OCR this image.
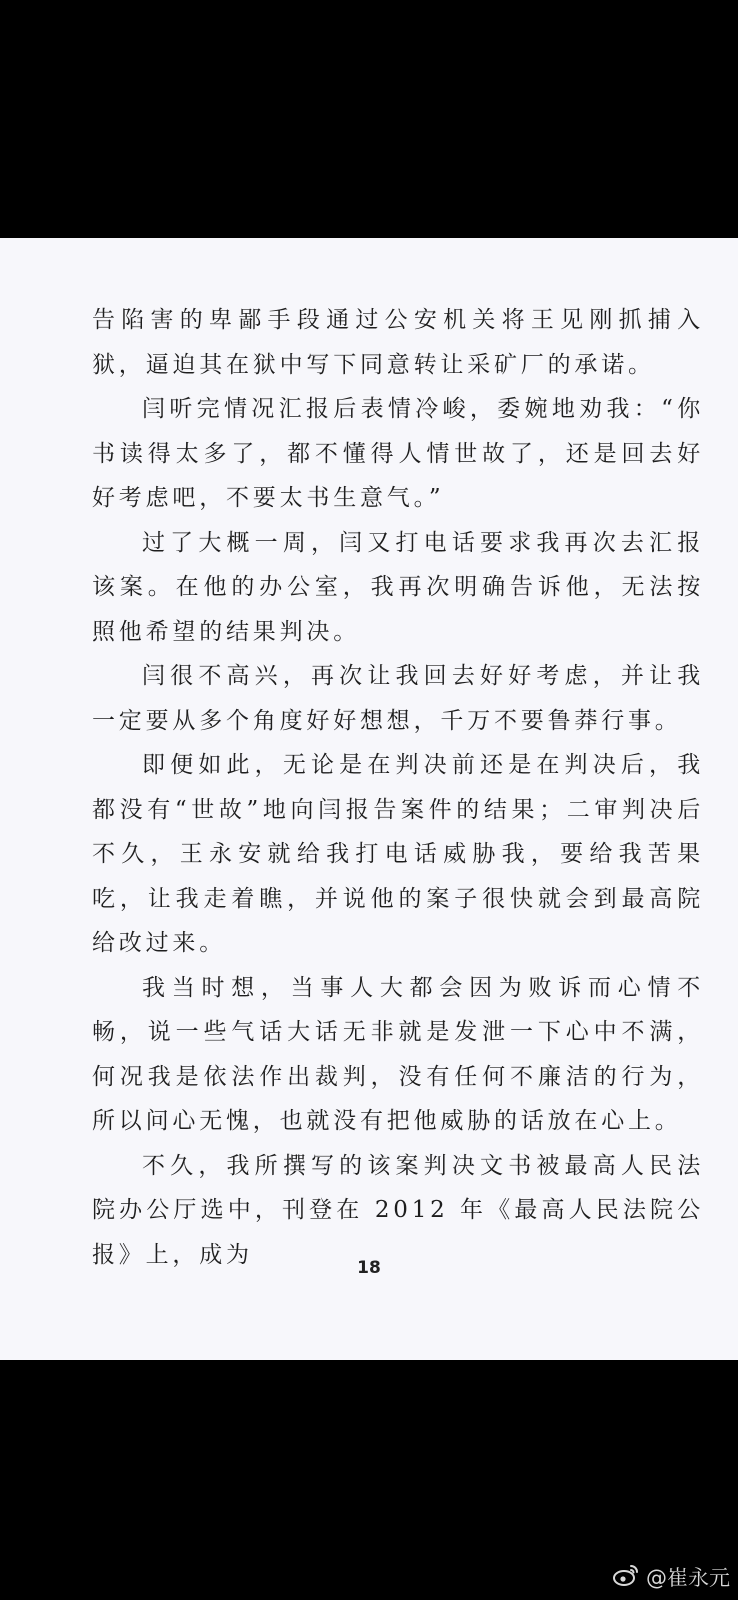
告陷害的卑鄙手段通过公安机关将王见刚抓捕入狱，逼迫其在狱中写下同意转让采矿厂的承诺。

闫听完情况汇报后表情冷峻，委婉地劝我：“你书读得太多了，都不懂得人情世故了，还是回去好好考虑吧，不要太书生意气。”

过了大概一周，闫又打电话要求我再次去汇报该案。在他的办公室，我再次明确告诉他，无法按照他希望的结果判决。

闫很不高兴，再次让我回去好好考虑，并让我一定要从多个角度好好想想，千万不要鲁莽行事。

即便如此，无论是在判决前还是在判决后，我都没有“世故”地向闫报告案件的结果；二审判决后不久，王永安就给我打电话威胁我，要给我苦果吃，让我走着瞧，并说他的案子很快就会到最高院给改过来。

我当时想，当事人大都会因为败诉而心情不畅，说一些气话大话无非就是发泄一下心中不满，何况我是依法作出裁判，没有任何不廉洁的行为，所以问心无愧，也就没有把他威胁的话放在心上。

不久，我所撰写的该案判决文书被最高人民法院办公厅选中，刊登在 2012 年《最高人民法院公报》上，成为

18
@崔永元
